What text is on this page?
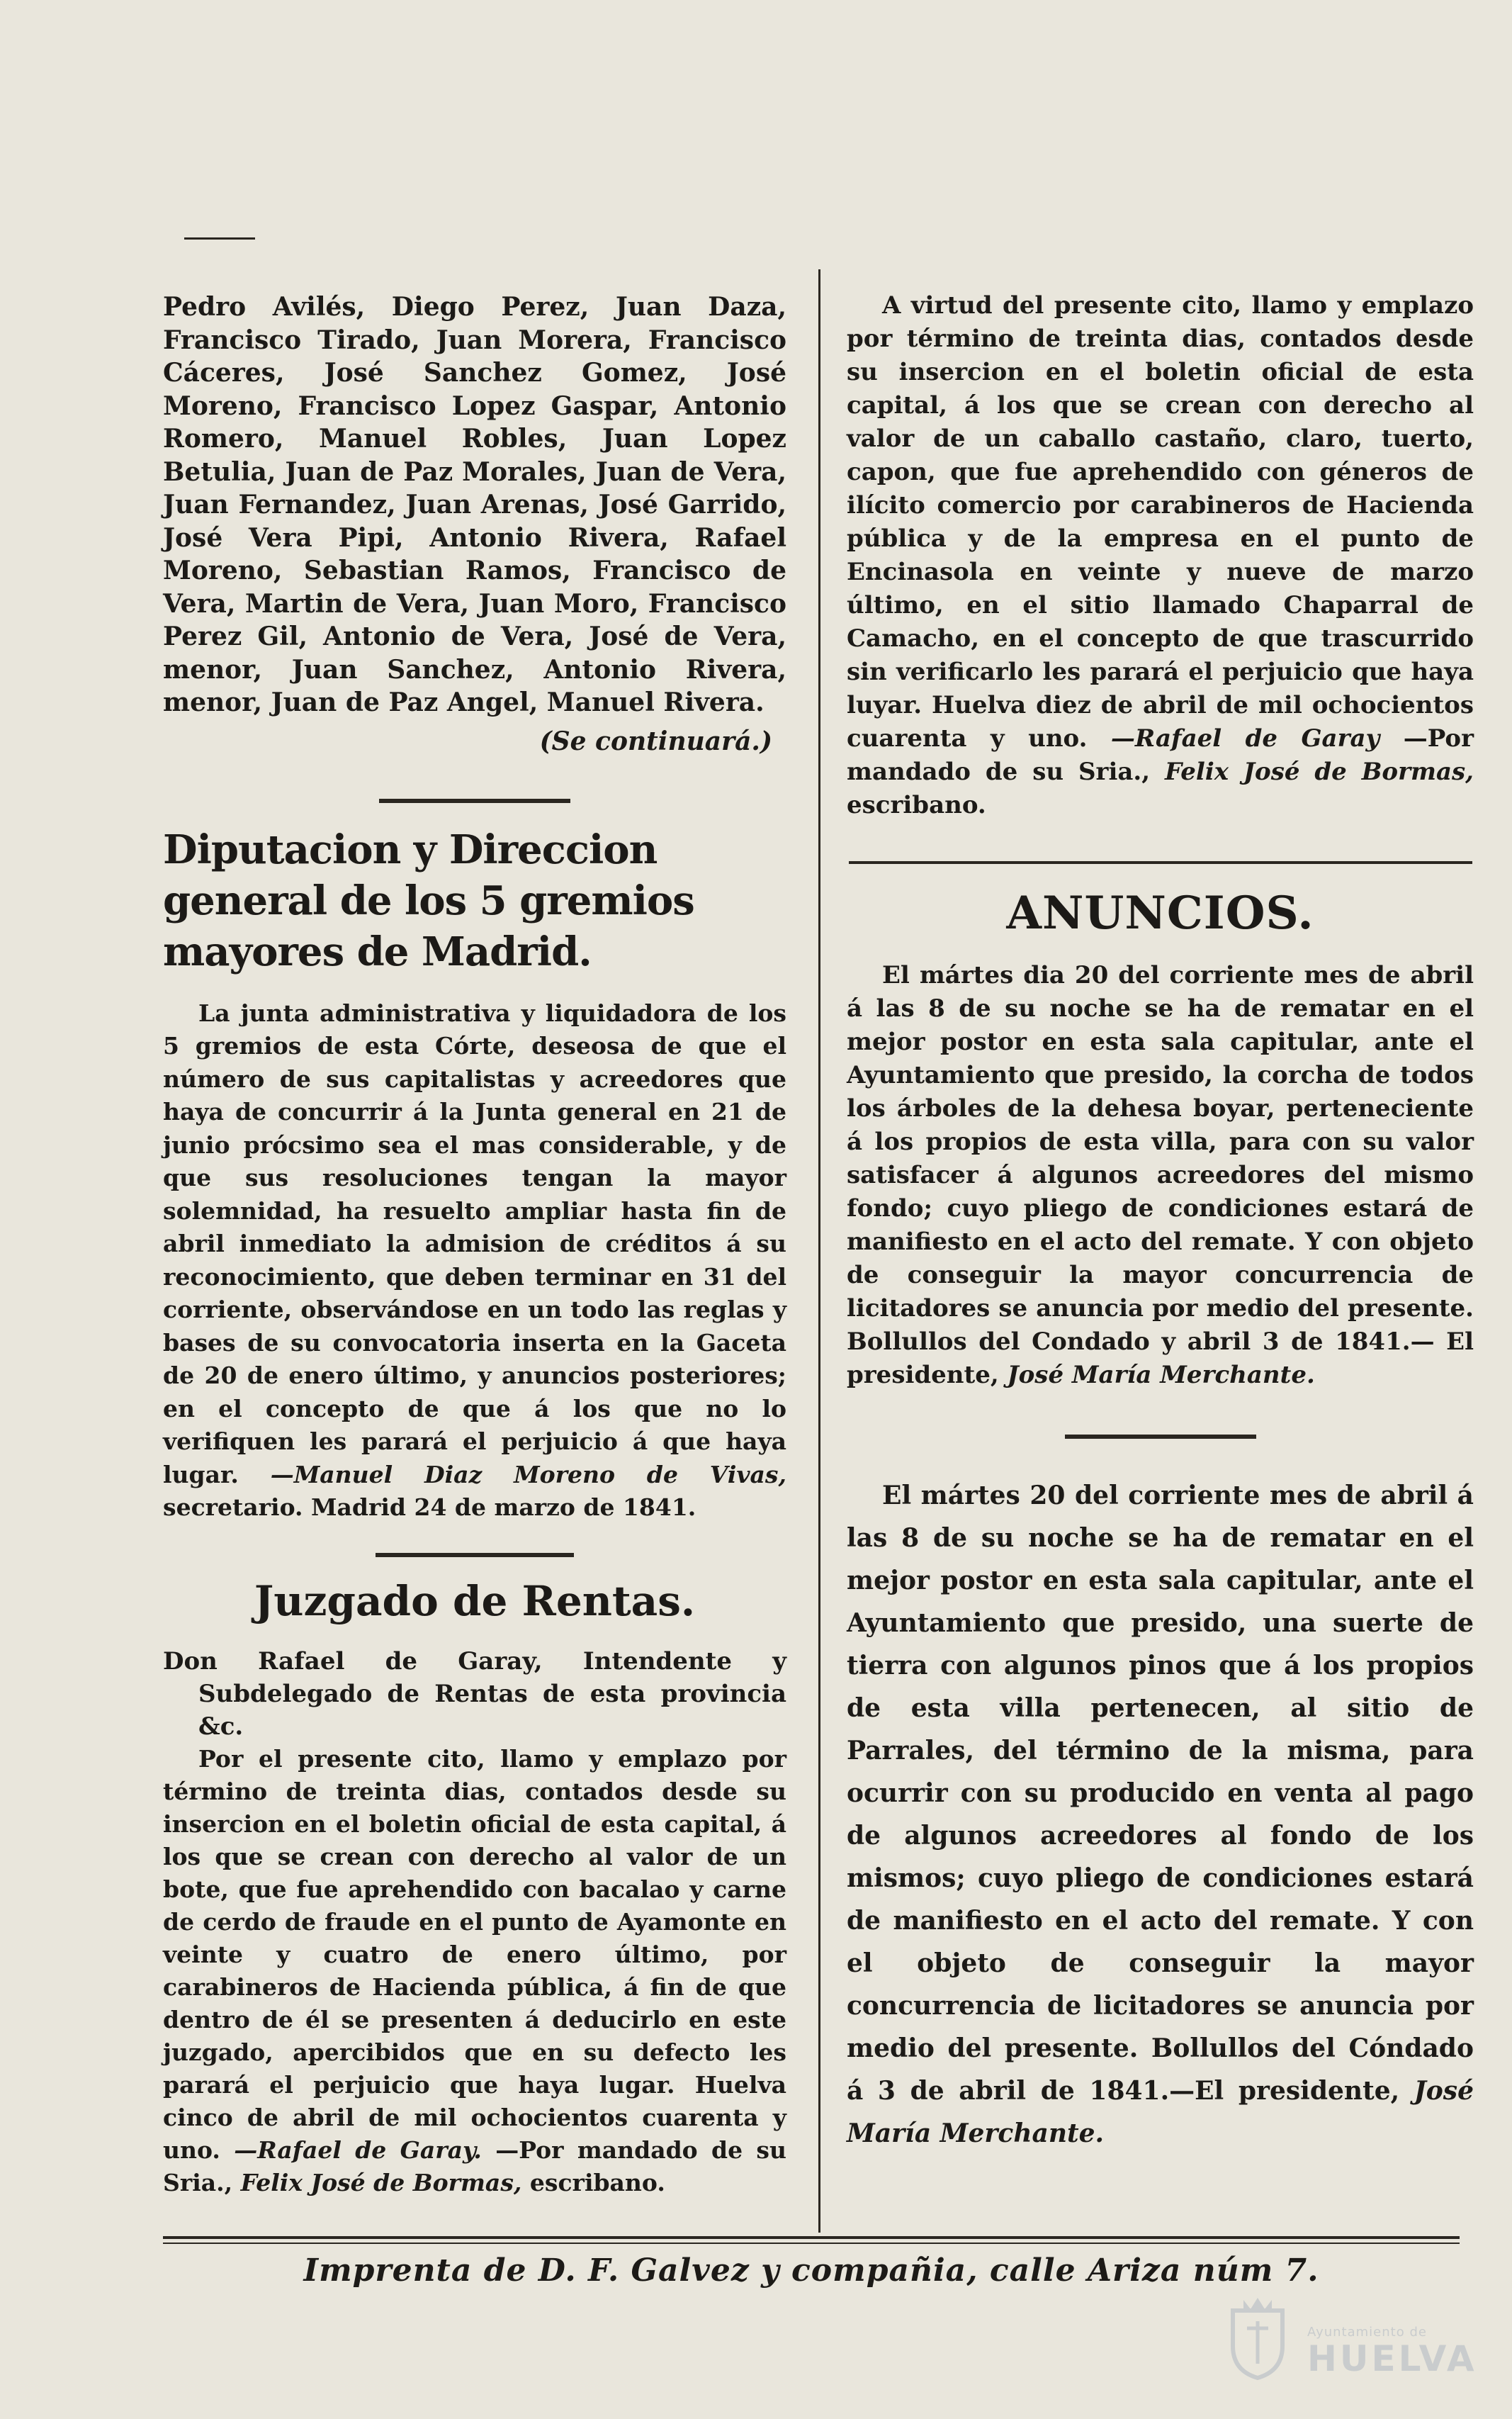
Pedro Avilés, Diego Perez, Juan Daza, Francisco Tirado, Juan Morera, Francisco Cáceres, José Sanchez Gomez, José Moreno, Francisco Lopez Gaspar, Antonio Romero, Manuel Robles, Juan Lopez Betulia, Juan de Paz Morales, Juan de Vera, Juan Fernandez, Juan Arenas, José Garrido, José Vera Pipi, Antonio Rivera, Rafael Moreno, Sebastian Ramos, Francisco de Vera, Martin de Vera, Juan Moro, Francisco Perez Gil, Antonio de Vera, José de Vera, menor, Juan Sanchez, Antonio Rivera, menor, Juan de Paz Angel, Manuel Rivera.

(Se continuará.)

Diputacion y Direccion general de los 5 gremios mayores de Madrid.

La junta administrativa y liquidadora de los 5 gremios de esta Córte, deseosa de que el número de sus capitalistas y acreedores que haya de concurrir á la Junta general en 21 de junio prócsimo sea el mas considerable, y de que sus resoluciones tengan la mayor solemnidad, ha resuelto ampliar hasta fin de abril inmediato la admision de créditos á su reconocimiento, que deben terminar en 31 del corriente, observándose en un todo las reglas y bases de su convocatoria inserta en la Gaceta de 20 de enero último, y anuncios posteriores; en el concepto de que á los que no lo verifiquen les parará el perjuicio á que haya lugar. —Manuel Diaz Moreno de Vivas, secretario. Madrid 24 de marzo de 1841.

Juzgado de Rentas.

Don Rafael de Garay, Intendente y Subdelegado de Rentas de esta provincia &c.

Por el presente cito, llamo y emplazo por término de treinta dias, contados desde su insercion en el boletin oficial de esta capital, á los que se crean con derecho al valor de un bote, que fue aprehendido con bacalao y carne de cerdo de fraude en el punto de Ayamonte en veinte y cuatro de enero último, por carabineros de Hacienda pública, á fin de que dentro de él se presenten á deducirlo en este juzgado, apercibidos que en su defecto les parará el perjuicio que haya lugar. Huelva cinco de abril de mil ochocientos cuarenta y uno. —Rafael de Garay. —Por mandado de su Sria., Felix José de Bormas, escribano.

A virtud del presente cito, llamo y emplazo por término de treinta dias, contados desde su insercion en el boletin oficial de esta capital, á los que se crean con derecho al valor de un caballo castaño, claro, tuerto, capon, que fue aprehendido con géneros de ilícito comercio por carabineros de Hacienda pública y de la empresa en el punto de Encinasola en veinte y nueve de marzo último, en el sitio llamado Chaparral de Camacho, en el concepto de que trascurrido sin verificarlo les parará el perjuicio que haya luyar. Huelva diez de abril de mil ochocientos cuarenta y uno. —Rafael de Garay —Por mandado de su Sria., Felix José de Bormas, escribano.

ANUNCIOS.

El mártes dia 20 del corriente mes de abril á las 8 de su noche se ha de rematar en el mejor postor en esta sala capitular, ante el Ayuntamiento que presido, la corcha de todos los árboles de la dehesa boyar, perteneciente á los propios de esta villa, para con su valor satisfacer á algunos acreedores del mismo fondo; cuyo pliego de condiciones estará de manifiesto en el acto del remate. Y con objeto de conseguir la mayor concurrencia de licitadores se anuncia por medio del presente. Bollullos del Condado y abril 3 de 1841.— El presidente, José María Merchante.

El mártes 20 del corriente mes de abril á las 8 de su noche se ha de rematar en el mejor postor en esta sala capitular, ante el Ayuntamiento que presido, una suerte de tierra con algunos pinos que á los propios de esta villa pertenecen, al sitio de Parrales, del término de la misma, para ocurrir con su producido en venta al pago de algunos acreedores al fondo de los mismos; cuyo pliego de condiciones estará de manifiesto en el acto del remate. Y con el objeto de conseguir la mayor concurrencia de licitadores se anuncia por medio del presente. Bollullos del Cóndado á 3 de abril de 1841.—El presidente, José María Merchante.

Imprenta de D. F. Galvez y compañia, calle Ariza núm 7.
Ayuntamiento de
HUELVA
